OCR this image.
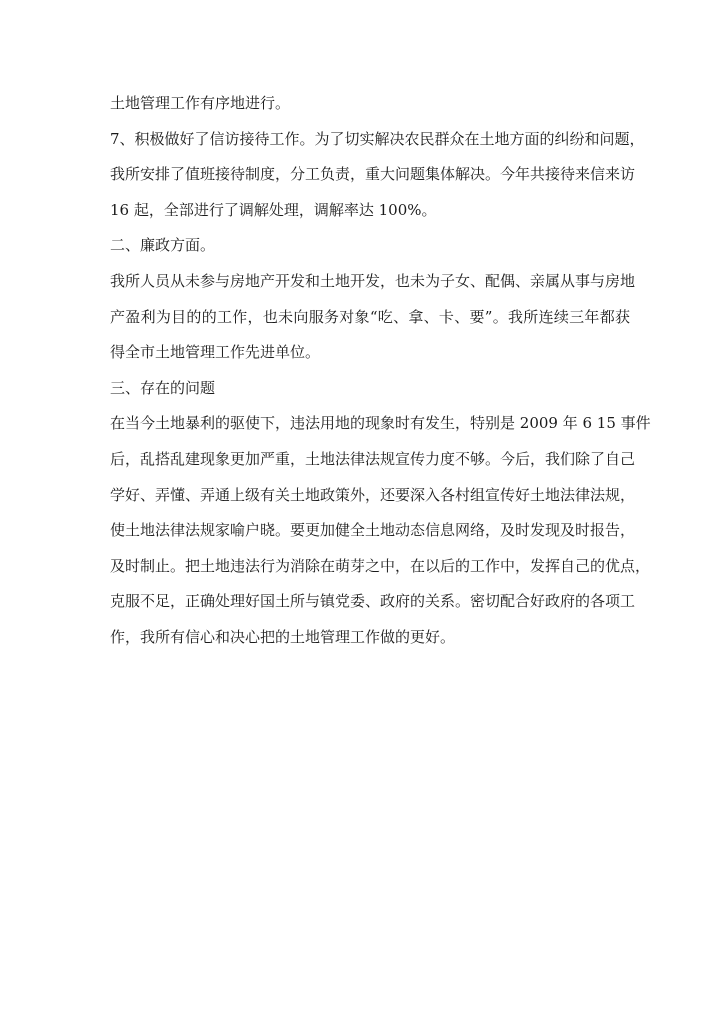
土地管理工作有序地进行。
7、积极做好了信访接待工作。为了切实解决农民群众在土地方面的纠纷和问题，
我所安排了值班接待制度，分工负责，重大问题集体解决。今年共接待来信来访
16 起，全部进行了调解处理，调解率达 100%。
二、廉政方面。
我所人员从未参与房地产开发和土地开发，也未为子女、配偶、亲属从事与房地
产盈利为目的的工作，也未向服务对象“吃、拿、卡、要”。我所连续三年都获
得全市土地管理工作先进单位。
三、存在的问题
在当今土地暴利的驱使下，违法用地的现象时有发生，特别是 2009 年 6 15 事件
后，乱搭乱建现象更加严重，土地法律法规宣传力度不够。今后，我们除了自己
学好、弄懂、弄通上级有关土地政策外，还要深入各村组宣传好土地法律法规，
使土地法律法规家喻户晓。要更加健全土地动态信息网络，及时发现及时报告，
及时制止。把土地违法行为消除在萌芽之中，在以后的工作中，发挥自己的优点，
克服不足，正确处理好国土所与镇党委、政府的关系。密切配合好政府的各项工
作，我所有信心和决心把的土地管理工作做的更好。
